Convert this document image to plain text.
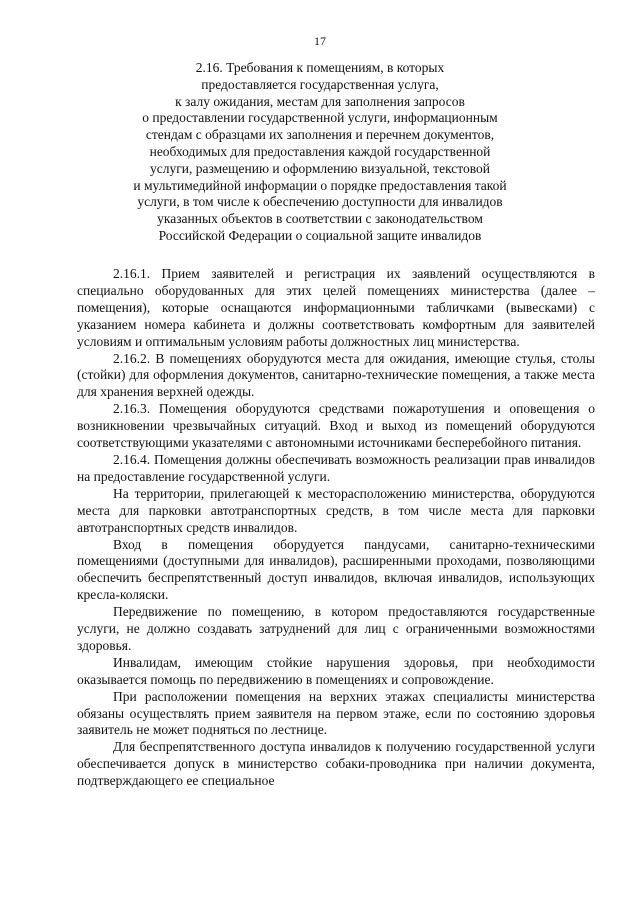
17
2.16. Требования к помещениям, в которых
предоставляется государственная услуга,
к залу ожидания, местам для заполнения запросов
о предоставлении государственной услуги, информационным
стендам с образцами их заполнения и перечнем документов,
необходимых для предоставления каждой государственной
услуги, размещению и оформлению визуальной, текстовой
и мультимедийной информации о порядке предоставления такой
услуги, в том числе к обеспечению доступности для инвалидов
указанных объектов в соответствии с законодательством
Российской Федерации о социальной защите инвалидов

2.16.1. Прием заявителей и регистрация их заявлений осуществляются в специально оборудованных для этих целей помещениях министерства (далее – помещения), которые оснащаются информационными табличками (вывесками) с указанием номера кабинета и должны соответствовать комфортным для заявителей условиям и оптимальным условиям работы должностных лиц министерства.

2.16.2. В помещениях оборудуются места для ожидания, имеющие стулья, столы (стойки) для оформления документов, санитарно-технические помещения, а также места для хранения верхней одежды.

2.16.3. Помещения оборудуются средствами пожаротушения и оповещения о возникновении чрезвычайных ситуаций. Вход и выход из помещений оборудуются соответствующими указателями с автономными источниками бесперебойного питания.

2.16.4. Помещения должны обеспечивать возможность реализации прав инвалидов на предоставление государственной услуги.

На территории, прилегающей к месторасположению министерства, оборудуются места для парковки автотранспортных средств, в том числе места для парковки автотранспортных средств инвалидов.

Вход в помещения оборудуется пандусами, санитарно-техническими помещениями (доступными для инвалидов), расширенными проходами, позволяющими обеспечить беспрепятственный доступ инвалидов, включая инвалидов, использующих кресла-коляски.

Передвижение по помещению, в котором предоставляются государственные услуги, не должно создавать затруднений для лиц с ограниченными возможностями здоровья.

Инвалидам, имеющим стойкие нарушения здоровья, при необходимости оказывается помощь по передвижению в помещениях и сопровождение.

При расположении помещения на верхних этажах специалисты министерства обязаны осуществлять прием заявителя на первом этаже, если по состоянию здоровья заявитель не может подняться по лестнице.

Для беспрепятственного доступа инвалидов к получению государственной услуги обеспечивается допуск в министерство собаки-проводника при наличии документа, подтверждающего ее специальное
